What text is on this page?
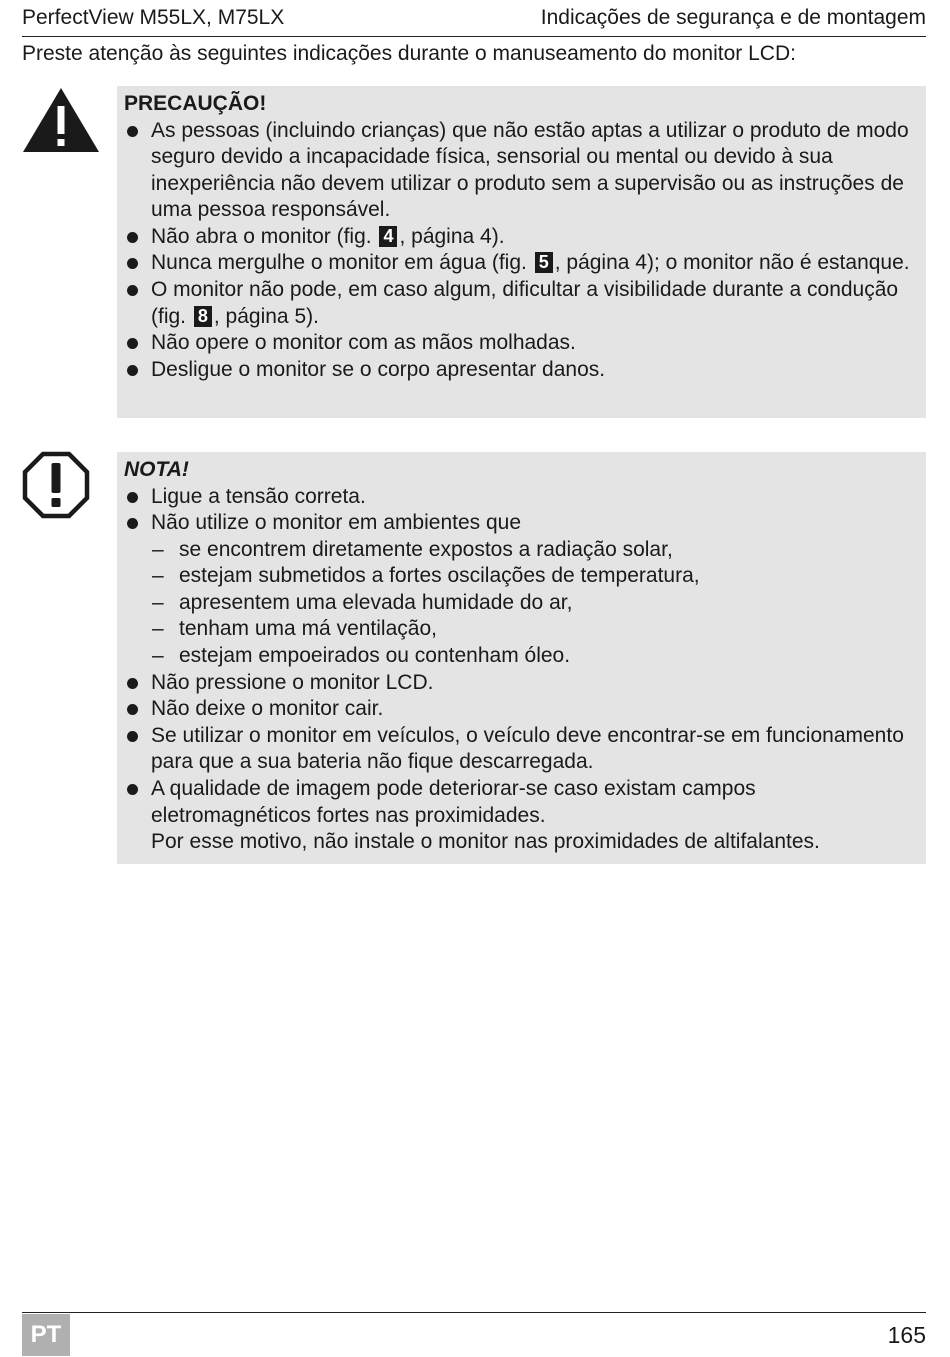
PerfectView M55LX, M75LX	Indicações de segurança e de montagem
Preste atenção às seguintes indicações durante o manuseamento do monitor LCD:
PRECAUÇÃO!
As pessoas (incluindo crianças) que não estão aptas a utilizar o produto de modo seguro devido a incapacidade física, sensorial ou mental ou devido à sua inexperiência não devem utilizar o produto sem a supervisão ou as instruções de uma pessoa responsável.
Não abra o monitor (fig. 4 , página 4).
Nunca mergulhe o monitor em água (fig. 5 , página 4); o monitor não é estanque.
O monitor não pode, em caso algum, dificultar a visibilidade durante a condução (fig. 8 , página 5).
Não opere o monitor com as mãos molhadas.
Desligue o monitor se o corpo apresentar danos.
NOTA!
Ligue a tensão correta.
Não utilize o monitor em ambientes que
– se encontrem diretamente expostos a radiação solar,
– estejam submetidos a fortes oscilações de temperatura,
– apresentem uma elevada humidade do ar,
– tenham uma má ventilação,
– estejam empoeirados ou contenham óleo.
Não pressione o monitor LCD.
Não deixe o monitor cair.
Se utilizar o monitor em veículos, o veículo deve encontrar-se em funcionamento para que a sua bateria não fique descarregada.
A qualidade de imagem pode deteriorar-se caso existam campos eletromagnéticos fortes nas proximidades.
Por esse motivo, não instale o monitor nas proximidades de altifalantes.
PT	165
